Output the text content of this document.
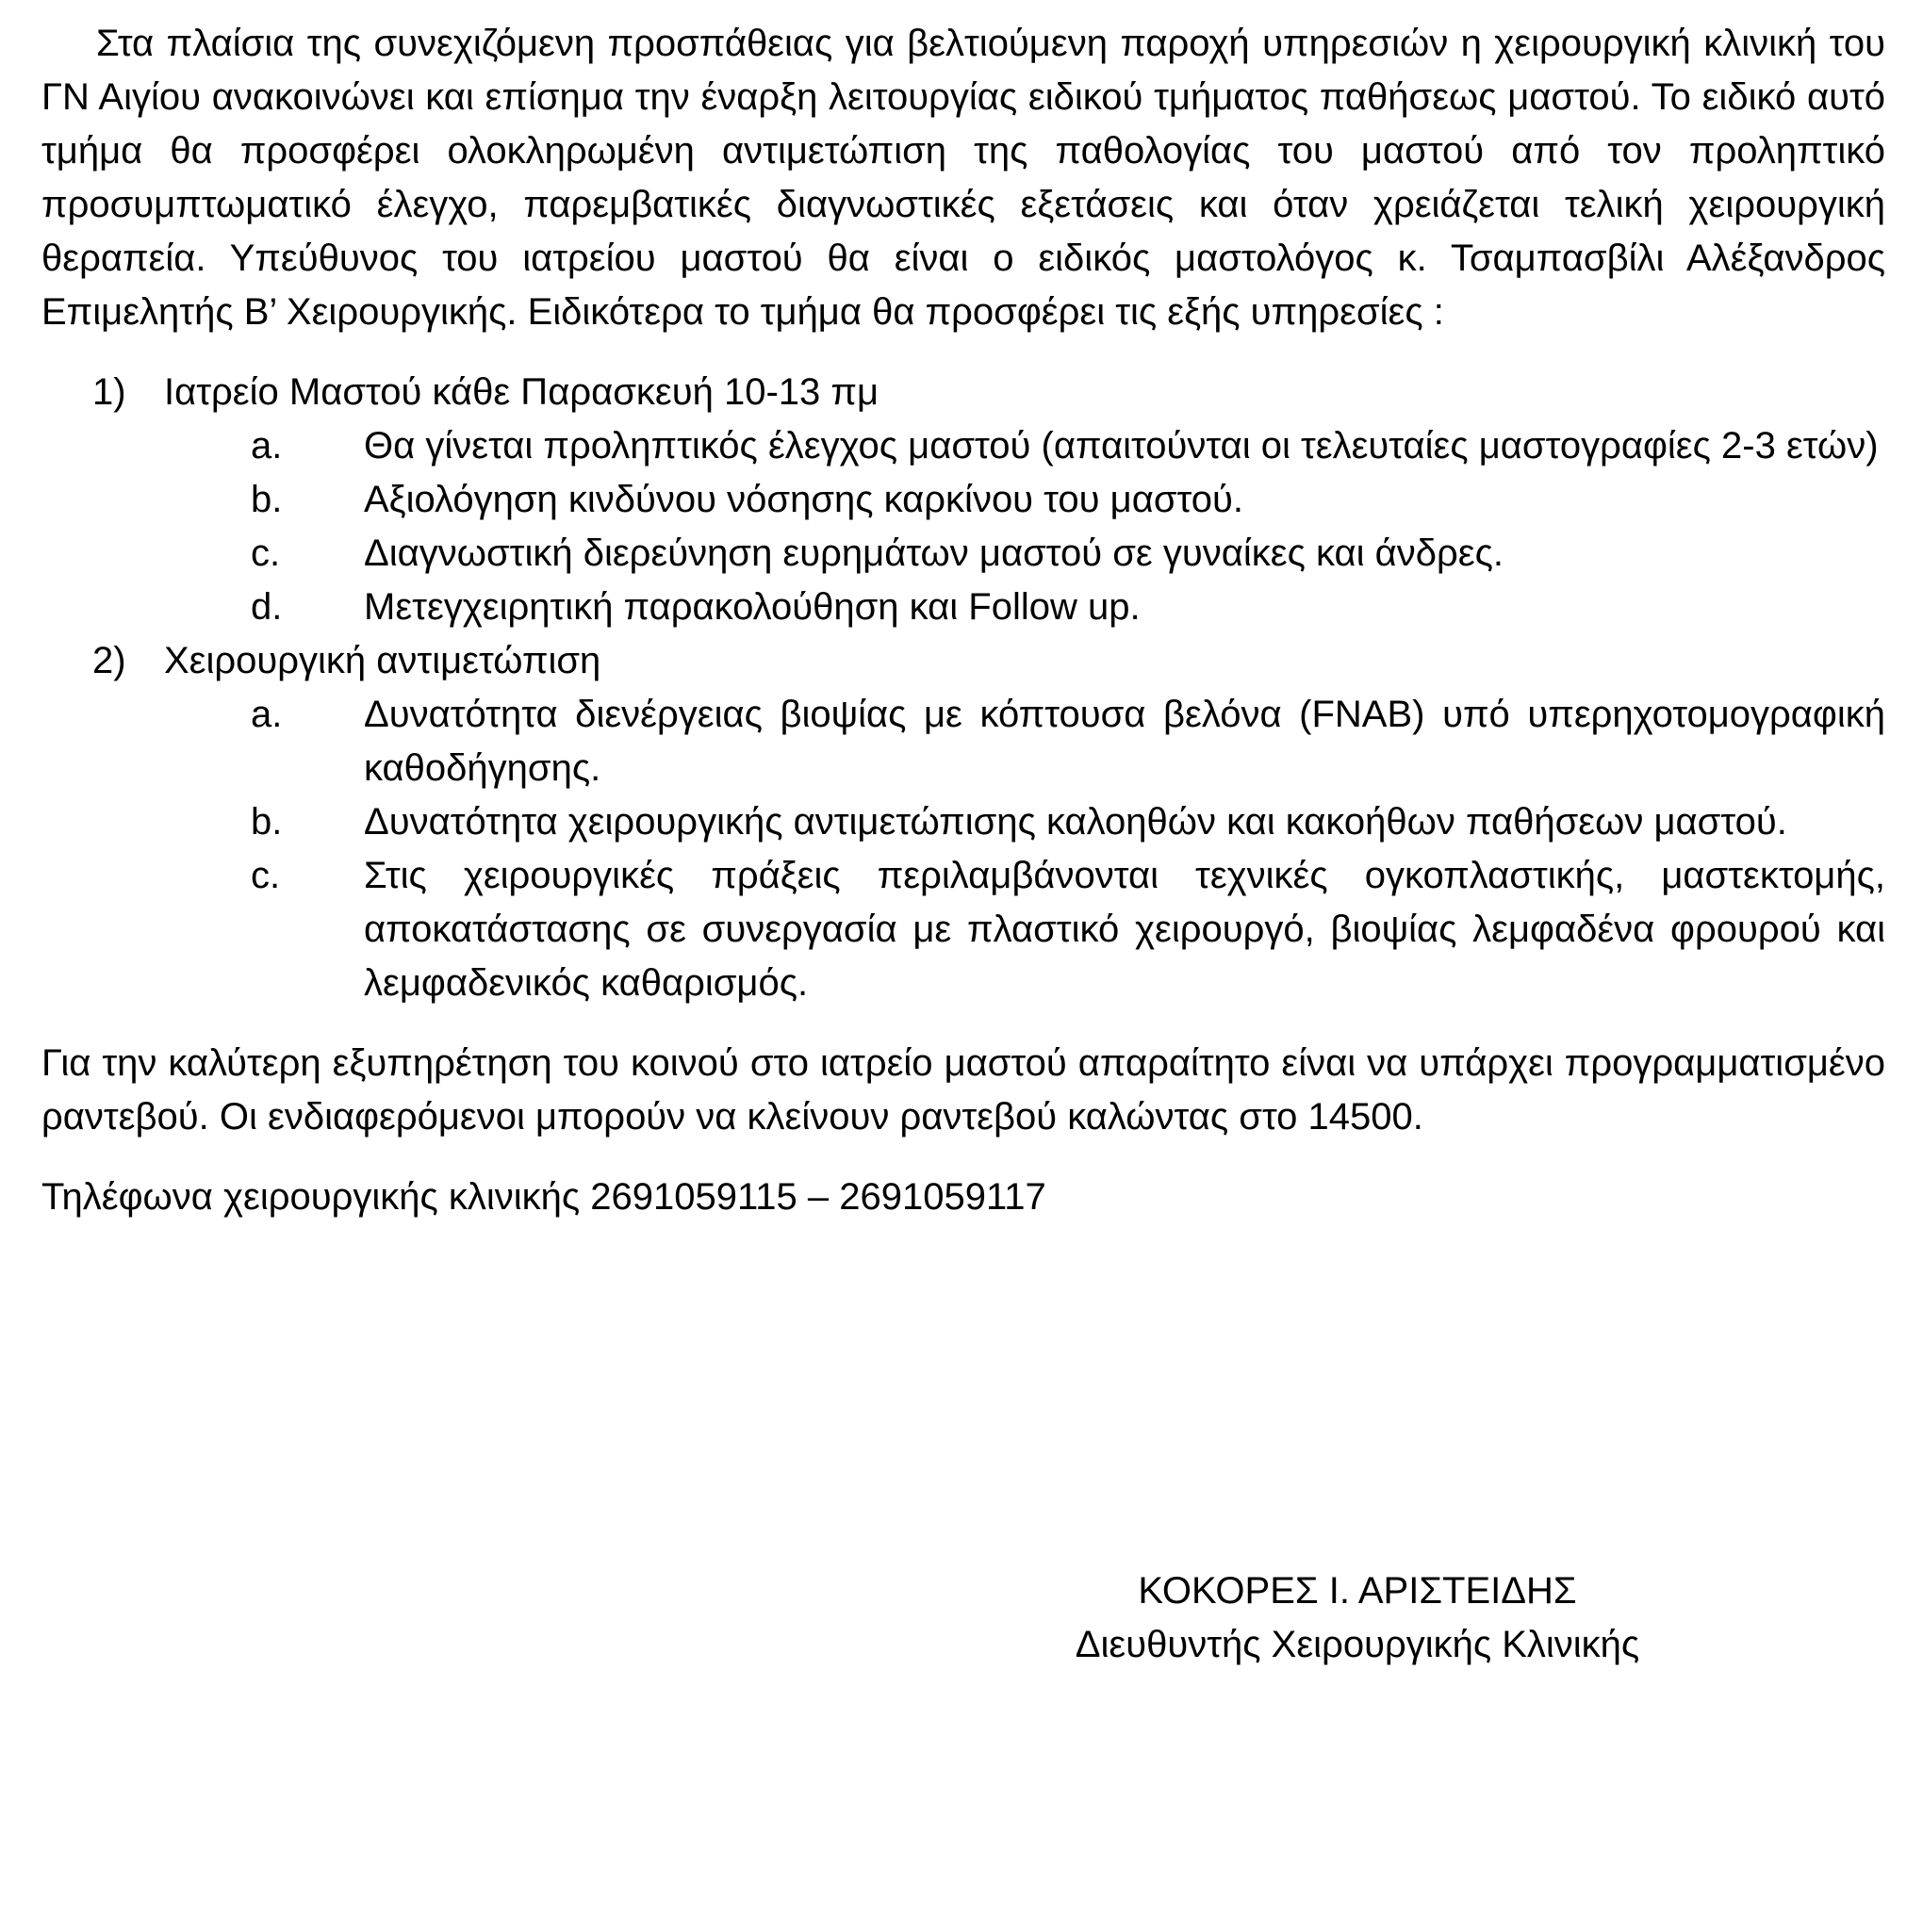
Στα πλαίσια της συνεχιζόμενη προσπάθειας για βελτιούμενη παροχή υπηρεσιών η χειρουργική κλινική του ΓΝ Αιγίου ανακοινώνει και επίσημα την έναρξη λειτουργίας ειδικού τμήματος παθήσεως μαστού. Το ειδικό αυτό τμήμα θα προσφέρει ολοκληρωμένη αντιμετώπιση της παθολογίας του μαστού από τον προληπτικό προσυμπτωματικό έλεγχο, παρεμβατικές διαγνωστικές εξετάσεις και όταν χρειάζεται τελική χειρουργική θεραπεία. Υπεύθυνος του ιατρείου μαστού θα είναι ο ειδικός μαστολόγος κ. Τσαμπασβίλι Αλέξανδρος Επιμελητής Β’ Χειρουργικής. Ειδικότερα το τμήμα θα προσφέρει τις εξής υπηρεσίες :

1) Ιατρείο Μαστού κάθε Παρασκευή 10-13 πμ
a. Θα γίνεται προληπτικός έλεγχος μαστού (απαιτούνται οι τελευταίες μαστογραφίες 2-3 ετών)
b. Αξιολόγηση κινδύνου νόσησης καρκίνου του μαστού.
c. Διαγνωστική διερεύνηση ευρημάτων μαστού σε γυναίκες και άνδρες.
d. Μετεγχειρητική παρακολούθηση και Follow up.
2) Χειρουργική αντιμετώπιση
a. Δυνατότητα διενέργειας βιοψίας με κόπτουσα βελόνα (FNAB) υπό υπερηχοτομογραφική καθοδήγησης.
b. Δυνατότητα χειρουργικής αντιμετώπισης καλοηθών και κακοήθων παθήσεων μαστού.
c. Στις χειρουργικές πράξεις περιλαμβάνονται τεχνικές ογκοπλαστικής, μαστεκτομής, αποκατάστασης σε συνεργασία με πλαστικό χειρουργό, βιοψίας λεμφαδένα φρουρού και λεμφαδενικός καθαρισμός.

Για την καλύτερη εξυπηρέτηση του κοινού στο ιατρείο μαστού απαραίτητο είναι να υπάρχει προγραμματισμένο ραντεβού. Οι ενδιαφερόμενοι μπορούν να κλείνουν ραντεβού καλώντας στο 14500.

Τηλέφωνα χειρουργικής κλινικής 2691059115 – 2691059117

ΚΟΚΟΡΕΣ Ι. ΑΡΙΣΤΕΙΔΗΣ
Διευθυντής Χειρουργικής Κλινικής
